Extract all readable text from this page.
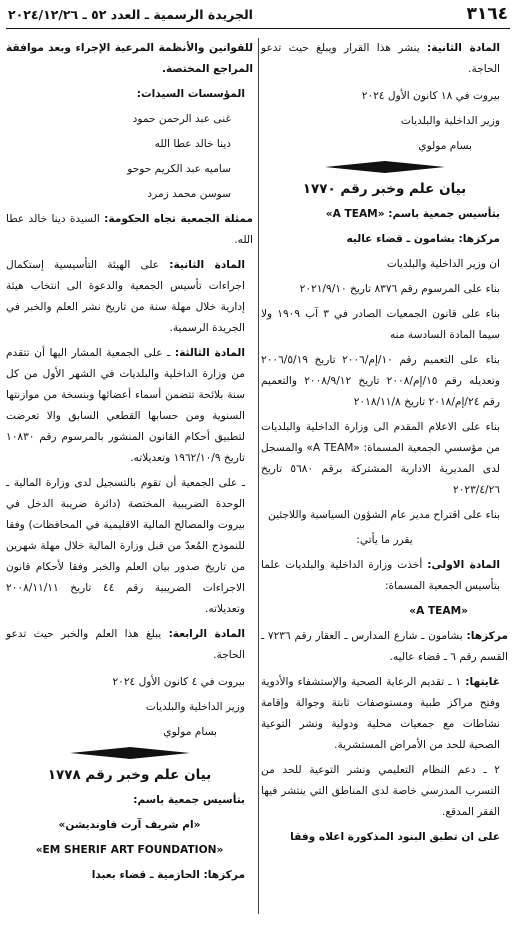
٣١٦٤
الجريدة الرسمية ـ العدد ٥٢ ـ ٢٠٢٤/١٢/٢٦

المادة الثانية: ينشر هذا القرار ويبلغ حيث تدعو الحاجة.

بيروت في ١٨ كانون الأول ٢٠٢٤

وزير الداخلية والبلديات

بسام مولوي

بيان علم وخبر رقم ١٧٧٠

بتأسيس جمعية باسم: «A TEAM»

مركزها: بشامون ـ قضاء عاليه

ان وزير الداخلية والبلديات

بناء على المرسوم رقم ٨٣٧٦ تاريخ ٢٠٢١/٩/١٠

بناء على قانون الجمعيات الصادر في ٣ آب ١٩٠٩ ولا سيما المادة السادسة منه

بناء على التعميم رقم ١٠/إم/٢٠٠٦ تاريخ ٢٠٠٦/٥/١٩ وتعديله رقم ١٥/إم/٢٠٠٨ تاريخ ٢٠٠٨/٩/١٢ والتعميم رقم ٢٤/إم/٢٠١٨ تاريخ ٢٠١٨/١١/٨

بناء على الاعلام المقدم الى وزارة الداخلية والبلديات من مؤسسي الجمعية المسماة: «A TEAM» والمسجل لدى المديرية الادارية المشتركة برقم ٥٦٨٠ تاريخ ٢٠٢٣/٤/٢٦

بناء على اقتراح مدير عام الشؤون السياسية واللاجئين

يقرر ما يأتي:

المادة الاولى: أخذت وزارة الداخلية والبلديات علما بتأسيس الجمعية المسماة:

«A TEAM»

مركزها: بشامون ـ شارع المدارس ـ العقار رقم ٧٢٣٦ ـ القسم رقم ٦ ـ قضاء عاليه.

غايتها: ١ ـ تقديم الرعاية الصحية والإستشفاء والأدوية وفتح مراكز طبية ومستوصفات ثابتة وجوالة وإقامة نشاطات مع جمعيات محلية ودولية ونشر التوعية الصحية للحد من الأمراض المستشرية.

٢ ـ دعم النظام التعليمي ونشر التوعية للحد من التسرب المدرسي خاصة لدى المناطق التي ينتشر فيها الفقر المدقع.

على ان تطبق البنود المذكورة اعلاه وفقا

للقوانين والأنظمة المرعية الإجراء وبعد موافقة المراجع المختصة.

المؤسسات السيدات:

غنى عبد الرحمن حمود

دينا خالد عطا الله

ساميه عبد الكريم حوحو

سوسن محمد زمرد

ممثلة الجمعية تجاه الحكومة: السيدة دينا خالد عطا الله.

المادة الثانية: على الهيئة التأسيسية إستكمال اجراءات تأسيس الجمعية والدعوة الى انتخاب هيئة إدارية خلال مهلة سنة من تاريخ نشر العلم والخبر في الجريدة الرسمية.

المادة الثالثة: ـ على الجمعية المشار اليها أن تتقدم من وزارة الداخلية والبلديات في الشهر الأول من كل سنة بلائحة تتضمن أسماء أعضائها وبنسخة من موازنتها السنوية ومن حسابها القطعي السابق والا تعرضت لتطبيق أحكام القانون المنشور بالمرسوم رقم ١٠٨٣٠ تاريخ ١٩٦٢/١٠/٩ وتعديلاته.

ـ على الجمعية أن تقوم بالتسجيل لدى وزارة المالية ـ الوحدة الضريبية المختصة (دائرة ضريبة الدخل في بيروت والمصالح المالية الاقليمية في المحافظات) وفقا للنموذج المُعدّ من قبل وزارة المالية خلال مهلة شهرين من تاريخ صدور بيان العلم والخبر وفقا لأحكام قانون الاجراءات الضريبية رقم ٤٤ تاريخ ٢٠٠٨/١١/١١ وتعديلاته.

المادة الرابعة: يبلغ هذا العلم والخبر حيث تدعو الحاجة.

بيروت في ٤ كانون الأول ٢٠٢٤

وزير الداخلية والبلديات

بسام مولوي

بيان علم وخبر رقم ١٧٧٨

بتأسيس جمعية باسم:

«ام شريف آرت فاونديشن»

«EM SHERIF ART FOUNDATION»

مركزها: الحازمية ـ قضاء بعبدا
